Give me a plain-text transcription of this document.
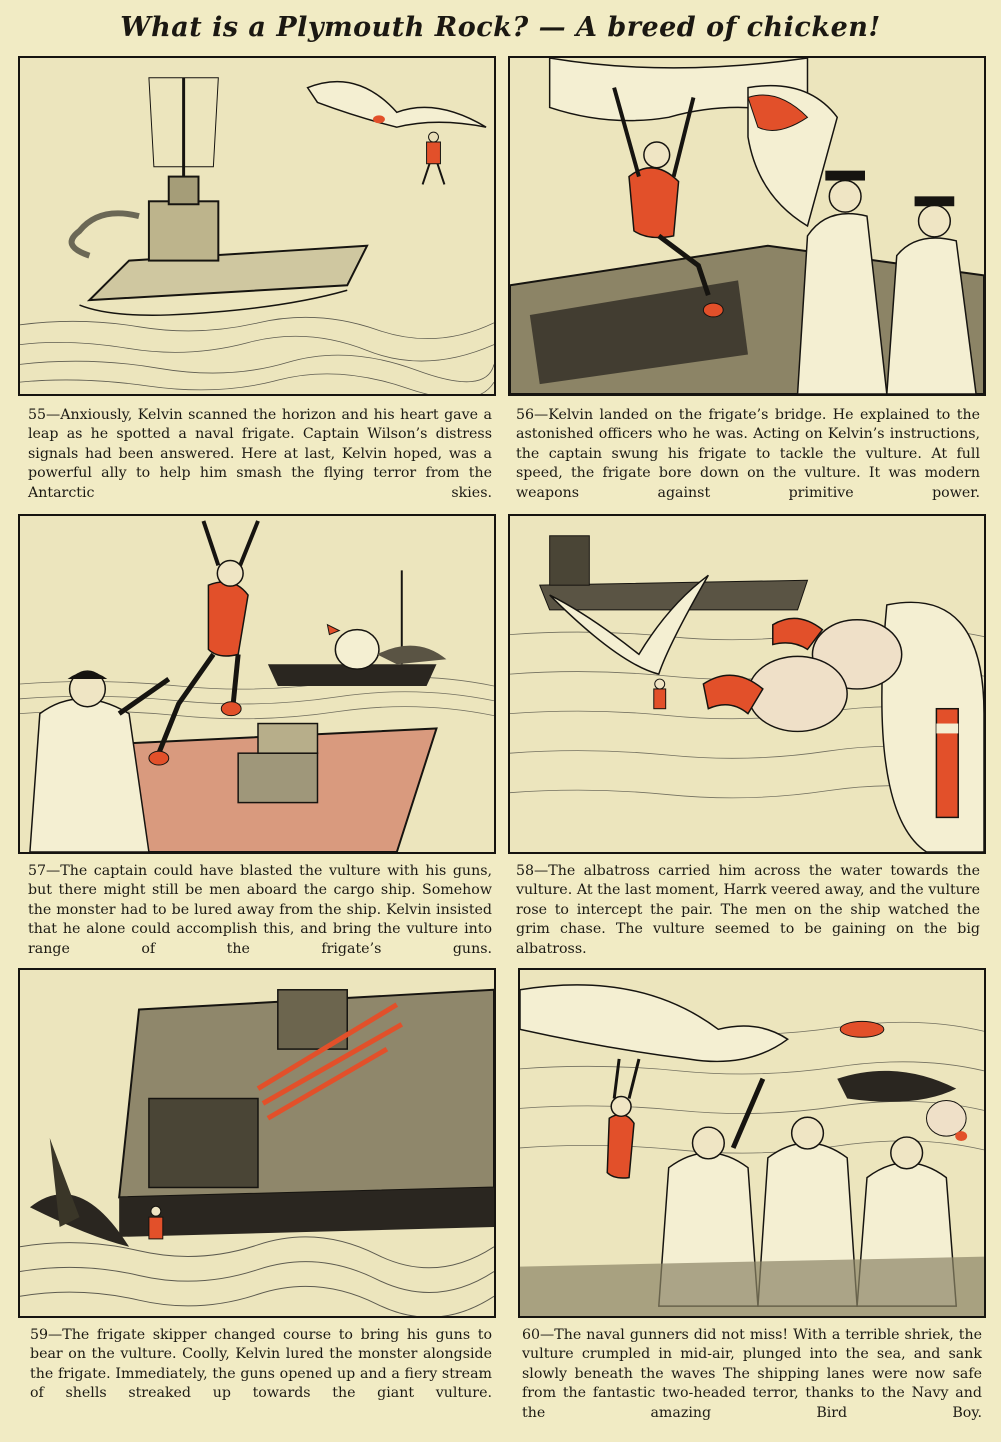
What is a Plymouth Rock? — A breed of chicken!

55—Anxiously, Kelvin scanned the horizon and his heart gave a leap as he spotted a naval frigate. Captain Wilson’s distress signals had been answered. Here at last, Kelvin hoped, was a powerful ally to help him smash the flying terror from the Antarctic skies.

56—Kelvin landed on the frigate’s bridge. He explained to the astonished officers who he was. Acting on Kelvin’s instructions, the captain swung his frigate to tackle the vulture. At full speed, the frigate bore down on the vulture. It was modern weapons against primitive power.

57—The captain could have blasted the vulture with his guns, but there might still be men aboard the cargo ship. Somehow the monster had to be lured away from the ship. Kelvin insisted that he alone could accomplish this, and bring the vulture into range of the frigate’s guns.

58—The albatross carried him across the water towards the vulture. At the last moment, Harrk veered away, and the vulture rose to intercept the pair. The men on the ship watched the grim chase. The vulture seemed to be gaining on the big albatross.

59—The frigate skipper changed course to bring his guns to bear on the vulture. Coolly, Kelvin lured the monster alongside the frigate. Immediately, the guns opened up and a fiery stream of shells streaked up towards the giant vulture.

60—The naval gunners did not miss! With a terrible shriek, the vulture crumpled in mid-air, plunged into the sea, and sank slowly beneath the waves The shipping lanes were now safe from the fantastic two-headed terror, thanks to the Navy and the amazing Bird Boy.
